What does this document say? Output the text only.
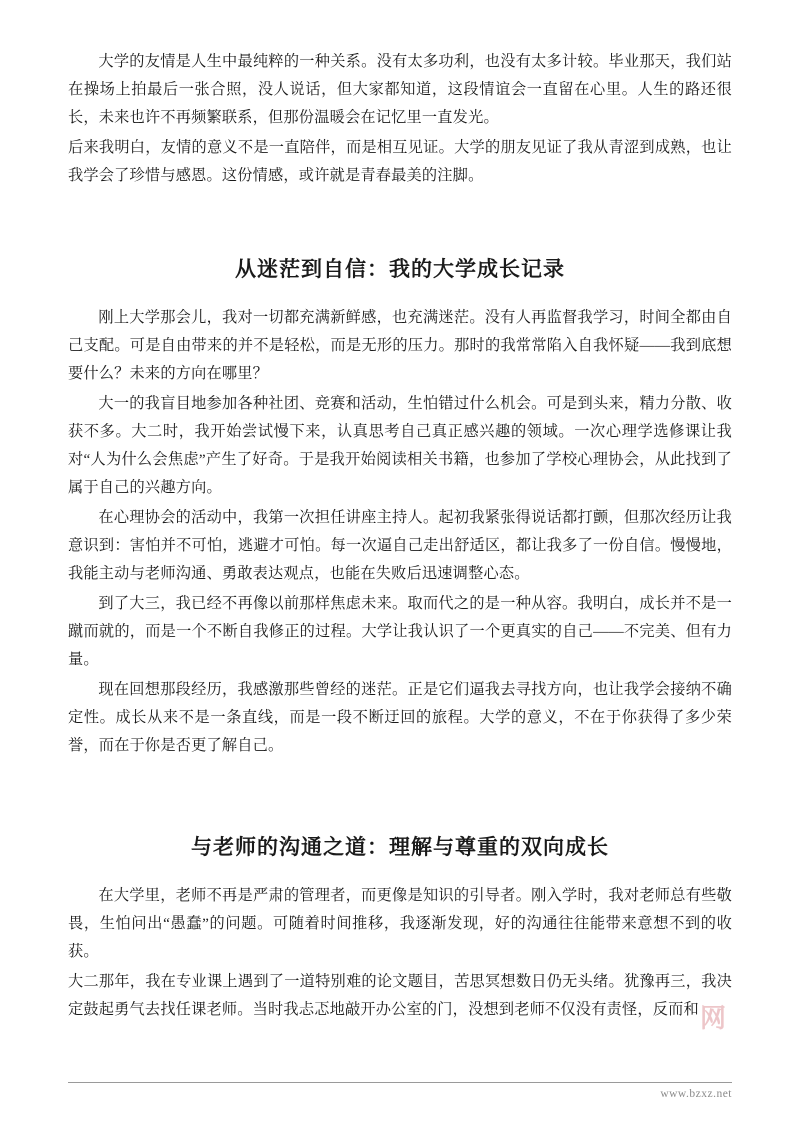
大学的友情是人生中最纯粹的一种关系。没有太多功利，也没有太多计较。毕业那天，我们站在操场上拍最后一张合照，没人说话，但大家都知道，这段情谊会一直留在心里。人生的路还很长，未来也许不再频繁联系，但那份温暖会在记忆里一直发光。

后来我明白，友情的意义不是一直陪伴，而是相互见证。大学的朋友见证了我从青涩到成熟，也让我学会了珍惜与感恩。这份情感，或许就是青春最美的注脚。

从迷茫到自信：我的大学成长记录

刚上大学那会儿，我对一切都充满新鲜感，也充满迷茫。没有人再监督我学习，时间全都由自己支配。可是自由带来的并不是轻松，而是无形的压力。那时的我常常陷入自我怀疑——我到底想要什么？未来的方向在哪里？

大一的我盲目地参加各种社团、竞赛和活动，生怕错过什么机会。可是到头来，精力分散、收获不多。大二时，我开始尝试慢下来，认真思考自己真正感兴趣的领域。一次心理学选修课让我对“人为什么会焦虑”产生了好奇。于是我开始阅读相关书籍，也参加了学校心理协会，从此找到了属于自己的兴趣方向。

在心理协会的活动中，我第一次担任讲座主持人。起初我紧张得说话都打颤，但那次经历让我意识到：害怕并不可怕，逃避才可怕。每一次逼自己走出舒适区，都让我多了一份自信。慢慢地，我能主动与老师沟通、勇敢表达观点，也能在失败后迅速调整心态。

到了大三，我已经不再像以前那样焦虑未来。取而代之的是一种从容。我明白，成长并不是一蹴而就的，而是一个不断自我修正的过程。大学让我认识了一个更真实的自己——不完美、但有力量。

现在回想那段经历，我感激那些曾经的迷茫。正是它们逼我去寻找方向，也让我学会接纳不确定性。成长从来不是一条直线，而是一段不断迂回的旅程。大学的意义，不在于你获得了多少荣誉，而在于你是否更了解自己。

与老师的沟通之道：理解与尊重的双向成长

在大学里，老师不再是严肃的管理者，而更像是知识的引导者。刚入学时，我对老师总有些敬畏，生怕问出“愚蠢”的问题。可随着时间推移，我逐渐发现，好的沟通往往能带来意想不到的收获。

大二那年，我在专业课上遇到了一道特别难的论文题目，苦思冥想数日仍无头绪。犹豫再三，我决定鼓起勇气去找任课老师。当时我忐忑地敲开办公室的门，没想到老师不仅没有责怪，反而和 网
www.bzxz.net
